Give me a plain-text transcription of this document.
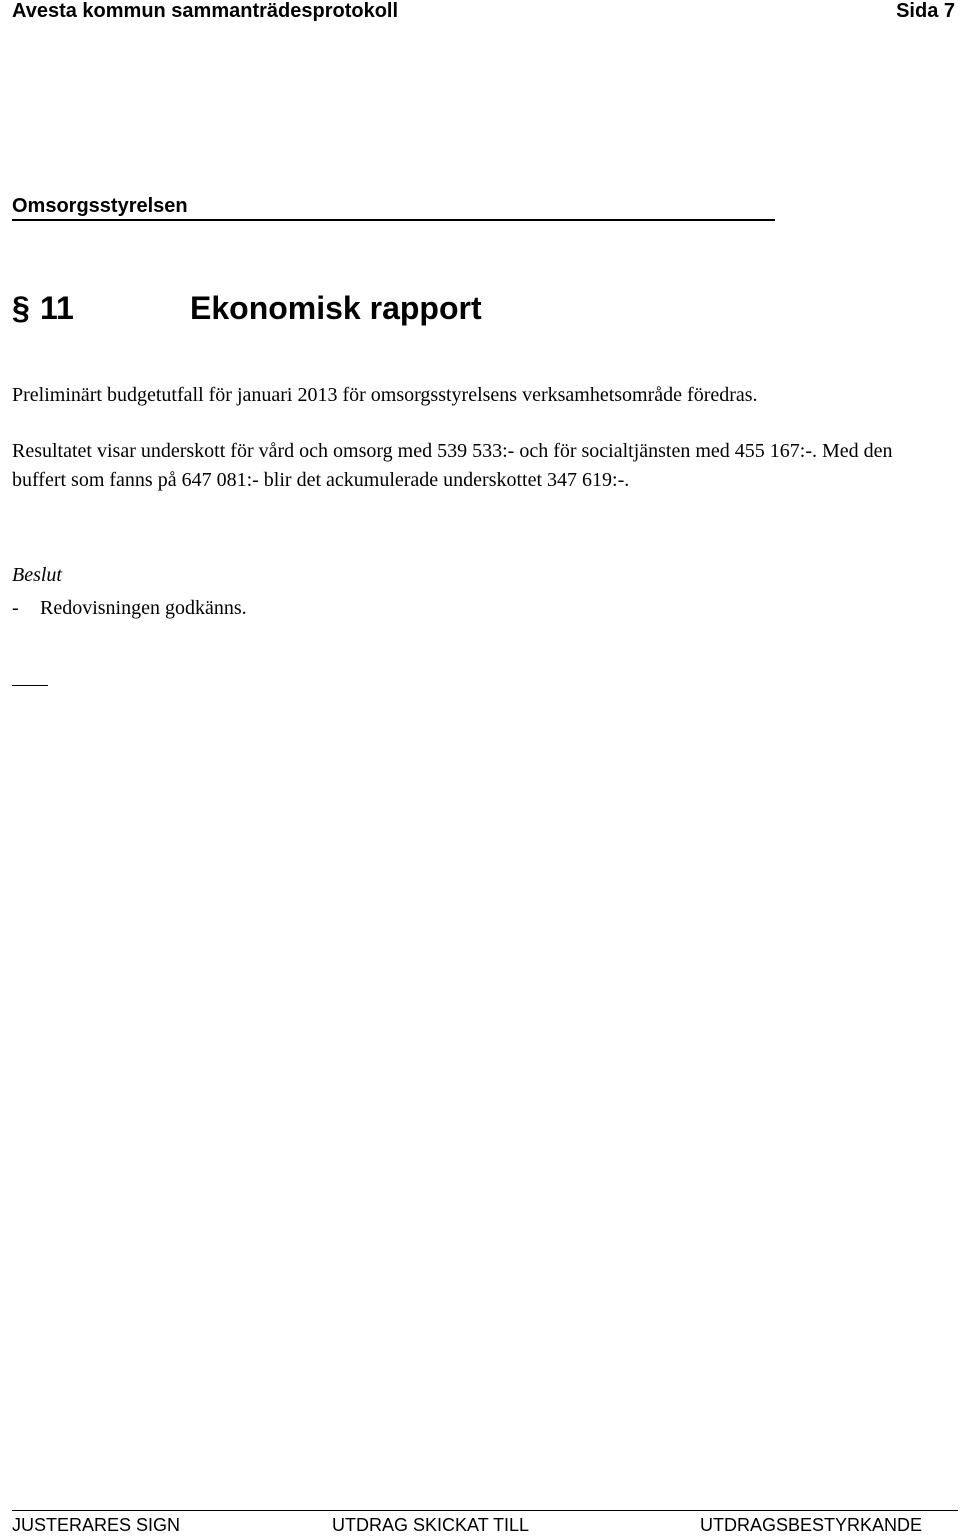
Avesta kommun sammanträdesprotokoll	Sida 7
Omsorgsstyrelsen
§ 11	Ekonomisk rapport

Preliminärt budgetutfall för januari 2013 för omsorgsstyrelsens verksamhetsområde föredras.

Resultatet visar underskott för vård och omsorg med 539 533:- och för socialtjänsten med 455 167:-. Med den buffert som fanns på 647 081:- blir det ackumulerade underskottet 347 619:-.

Beslut

- Redovisningen godkänns.

JUSTERARES SIGN	UTDRAG SKICKAT TILL	UTDRAGSBESTYRKANDE
